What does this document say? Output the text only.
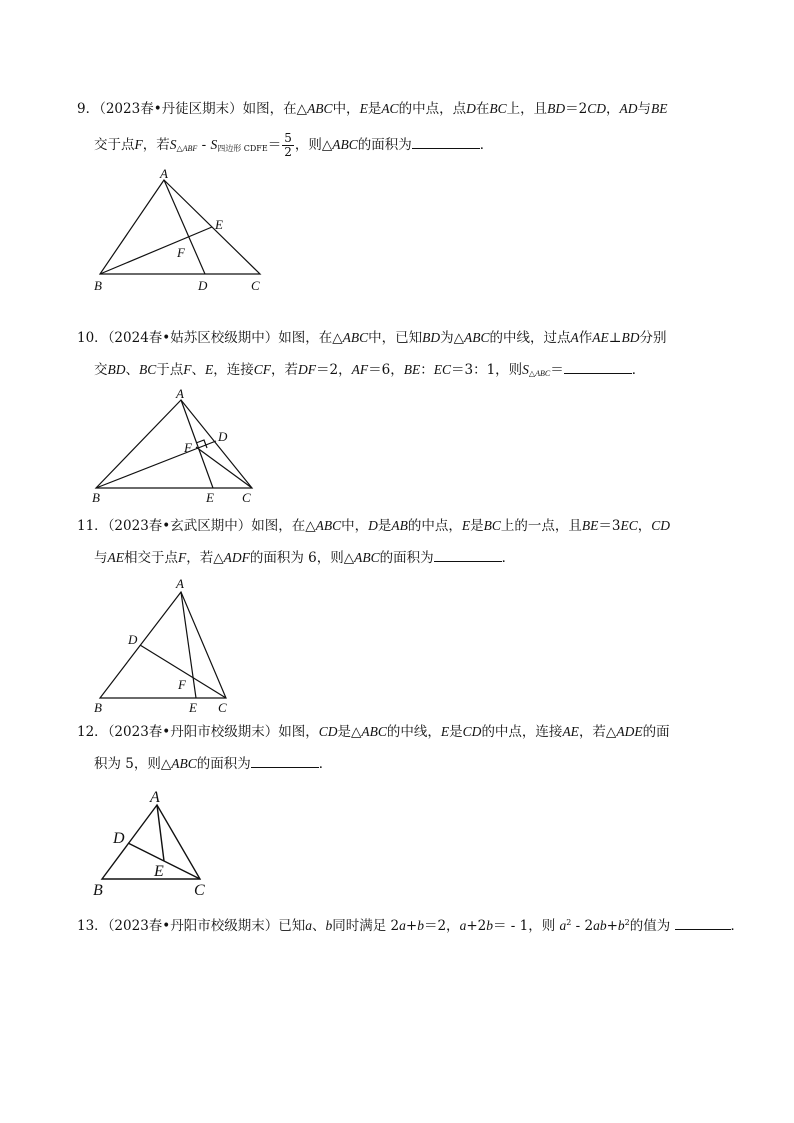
9．（2023春•丹徒区期末）如图，在△ABC中，E是AC的中点，点D在BC上，且BD＝2CD，AD与BE
交于点F，若$S_{\triangle ABF} - S_{四边形 CDFE}= \frac{5}{2}$ ，则△ABC的面积为	．
A
B	C
D
E
F
A
B	C
D
E
F
A
B	C
D
E
F
A
B	C
D
E
10．（2024春•姑苏区校级期中）如图，在△ABC中，已知BD为△ABC的中线，过点A作AE⊥BD分别
交BD、BC于点F、E，连接CF，若DF＝2，AF＝6，BE：EC＝3：1，则$S_{\triangle ABC}=$	．
11．（2023春•玄武区期中）如图，在△ABC中，D是AB的中点，E是BC上的一点，且BE＝3EC，CD
与AE相交于点F，若△ADF的面积为 6，则△ABC的面积为	．
12．（2023春•丹阳市校级期末）如图，CD是△ABC的中线，E是CD的中点，连接AE，若△ADE的面
积为 5，则△ABC的面积为	．
13．（2023春•丹阳市校级期末）已知a、b同时满足 2a+b＝2，a+2b＝ - 1，则 $a^2 - 2ab+b^2$的值为	．
